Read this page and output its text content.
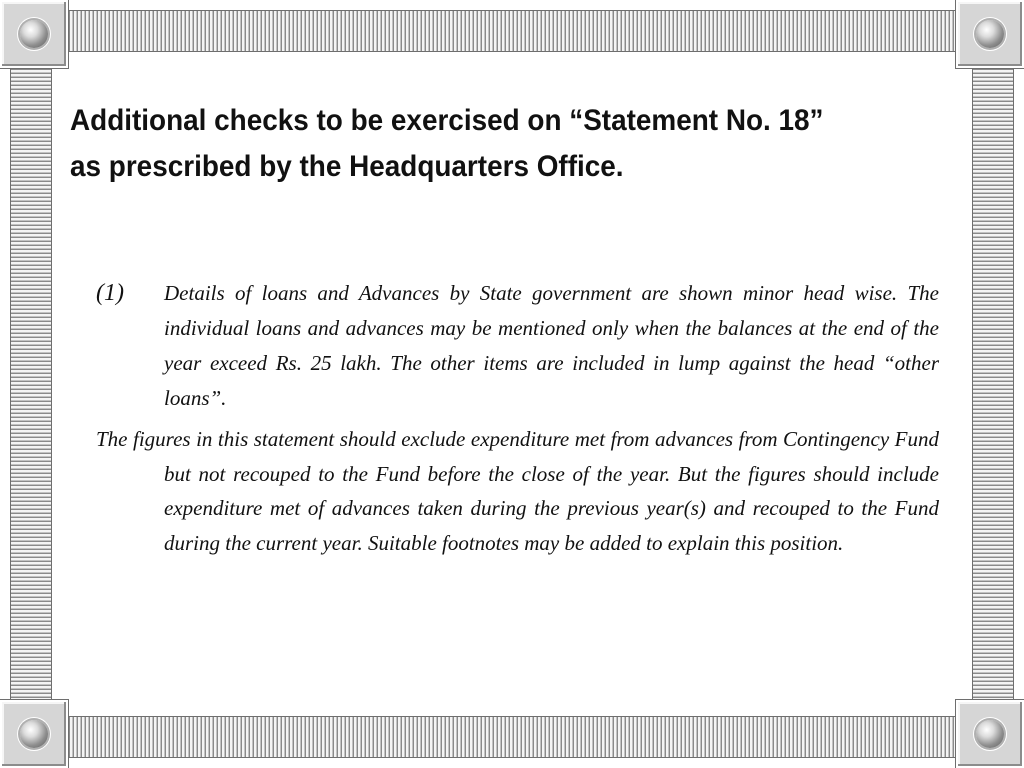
Additional checks to be exercised on “Statement No. 18”
as prescribed by the Headquarters Office.

(1) Details of loans and Advances by State government are shown minor head wise. The individual loans and advances may be mentioned only when the balances at the end of the year exceed Rs. 25 lakh. The other items are included in lump against the head “other loans”.

The figures in this statement should exclude expenditure met from advances from Contingency Fund but not recouped to the Fund before the close of the year. But the figures should include expenditure met of advances taken during the previous year(s) and recouped to the Fund during the current year. Suitable footnotes may be added to explain this position.
